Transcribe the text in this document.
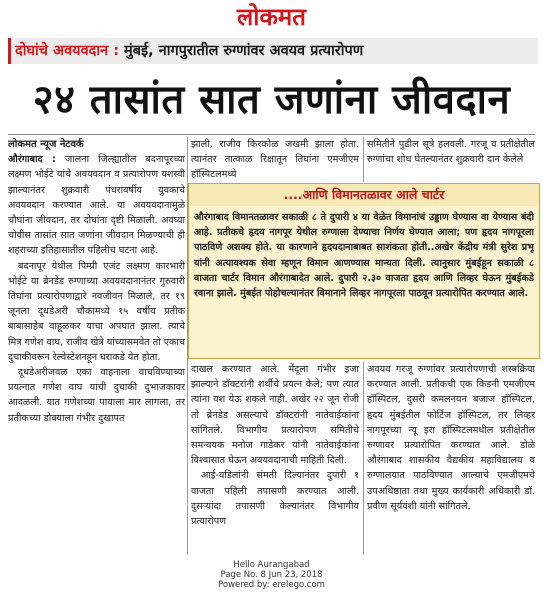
लोकमत
दोघांचे अवयवदान : मुंबई, नागपुरातील रुग्णांवर अवयव प्रत्यारोपण
२४ तासांत सात जणांना जीवदान

लोकमत न्यूज नेटवर्क

औरंगाबाद : जालना जिल्ह्यातील बदनापूरच्या लक्ष्मण भोईटे यांचे अवयवदान व प्रत्यारोपण यशस्वी झाल्यानंतर शुक्रवारी पंधरावर्षीय युवकाचे अवयवदान करण्यात आले. या अवयवदानामुळे चौघांना जीवदान, तर दोघांना दृष्टी मिळाली. अवघ्या चोवीस तासांत सात जणांना जीवदान मिळण्याची ही शहराच्या इतिहासातील पहिलीच घटना आहे.

बदनापूर येथील पिम्प्री एजंट लक्ष्मण कारभारी भोईटे या ब्रेनडेड रुग्णाच्या अवयवदानानंतर गुरुवारी तिघांना प्रत्यारोपणाद्वारे नवजीवन मिळाले, तर १९ जूनला दूधडेअरी चौकामध्ये १५ वर्षीय प्रतीक बाबासाहेब वाहूळकर याचा अपघात झाला. त्याचे मित्र गणेश वाघ, राजीव खेत्रे यांच्यासमवेत तो एकाच दुचाकीवरून रेल्वेस्टेशनहून घराकडे येत होता.

दूधडेअरीजवळ एका वाहनाला वाचविण्याच्या प्रयत्नात गणेश वाघ याची दुचाकी दुभाजकावर आदळली. यात गणेशच्या पायाला मार लागला, तर प्रतीकच्या डोक्याला गंभीर दुखापत

झाली, राजीव किरकोळ जखमी झाला होता. त्यानंतर तात्काळ रिक्षातून तिघांना एमजीएम हॉस्पिटलमध्ये

समितीने पुढील सूत्रे हलवली. गरजू व प्रतीक्षेतील रुग्णांचा शोध घेतल्यानंतर शुक्रवारी दान केलेले

....आणि विमानतळावर आले चार्टर
औरंगाबाद विमानतळावर सकाळी ८ ते दुपारी ४ या वेळेत विमानांचं उड्डाण घेण्यास वा येण्यास बंदी आहे. प्रतीकचे हृदय नागपूर येथील रुग्णाला देण्याचा निर्णय घेण्यात आला; पण हृदय नागपूरला पाठविणे अशक्य होते. या कारणाने हृदयदानाबाबत साशंकता होती..अखेर केंद्रीय मंत्री सुरेश प्रभू यांनी अत्यावश्यक सेवा म्हणून विमान आणण्यास मान्यता दिली. त्यानुसार मुंबईहून सकाळी ८ वाजता चार्टर विमान औरंगाबादेत आले. दुपारी २.३० वाजता हृदय आणि लिव्हर घेऊन मुंबईकडे रवाना झाले. मुंबईत पोहोचल्यानंतर विमानाने लिव्हर नागपूरला पाठवून प्रत्यारोपित करण्यात आले.

दाखल करण्यात आले. मेंदूला गंभीर इजा झाल्याने डॉक्टरांनी शर्थीचे प्रयत्न केले; पण त्यात त्यांना यश येऊ शकले नाही. अखेर २२ जून रोजी तो ब्रेनडेड असल्याचे डॉक्टरांनी नातेवाईकांना सांगितले. विभागीय प्रत्यारोपण समितीचे समन्वयक मनोज गाडेकर यांनी नातेवाईकांना विश्वासात घेऊन अवयवदानाची माहिती दिली.

आई-वडिलांनी संमती दिल्यानंतर दुपारी १ वाजता पहिली तपासणी करण्यात आली. दुसऱ्यांदा तपासणी केल्यानंतर विभागीय प्रत्यारोपण

अवयव गरजू रुग्णांवर प्रत्यारोपणाची शस्त्रक्रिया करण्यात आली. प्रतीकची एक किडनी एमजीएम हॉस्पिटल, दुसरी कमलनयन बजाज हॉस्पिटल, हृदय मुंबईतील फोर्टिज हॉस्पिटल, तर लिव्हर नागपूरच्या न्यू इरा हॉस्पिटलमधील प्रतीक्षेतील रुग्णावर प्रत्यारोपित करण्यात आले. डोळे औरंगाबाद शासकीय वैद्यकीय महाविद्यालय व रुग्णालयात पाठविण्यात आल्याचे एमजीएमचे उपअधिष्ठाता तथा मुख्य कार्यकारी अधिकारी डॉ. प्रवीण सूर्यवंशी यांनी सांगितले.

Hello Aurangabad
Page No. 8 Jun 23, 2018
Powered by: erelego.com
